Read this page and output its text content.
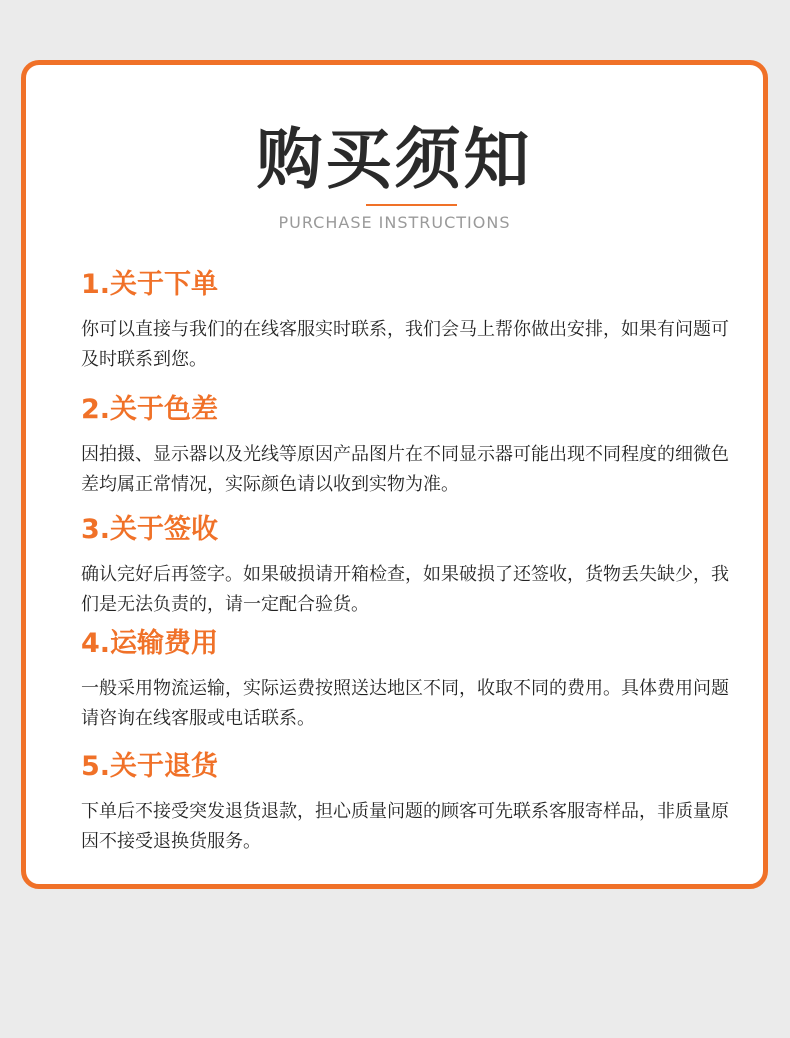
购买须知
PURCHASE INSTRUCTIONS
1.关于下单
你可以直接与我们的在线客服实时联系，我们会马上帮你做出安排，如果有问题可及时联系到您。
2.关于色差
因拍摄、显示器以及光线等原因产品图片在不同显示器可能出现不同程度的细微色差均属正常情况，实际颜色请以收到实物为准。
3.关于签收
确认完好后再签字。如果破损请开箱检查，如果破损了还签收，货物丢失缺少，我们是无法负责的，请一定配合验货。
4.运输费用
一般采用物流运输，实际运费按照送达地区不同，收取不同的费用。具体费用问题请咨询在线客服或电话联系。
5.关于退货
下单后不接受突发退货退款，担心质量问题的顾客可先联系客服寄样品，非质量原因不接受退换货服务。
